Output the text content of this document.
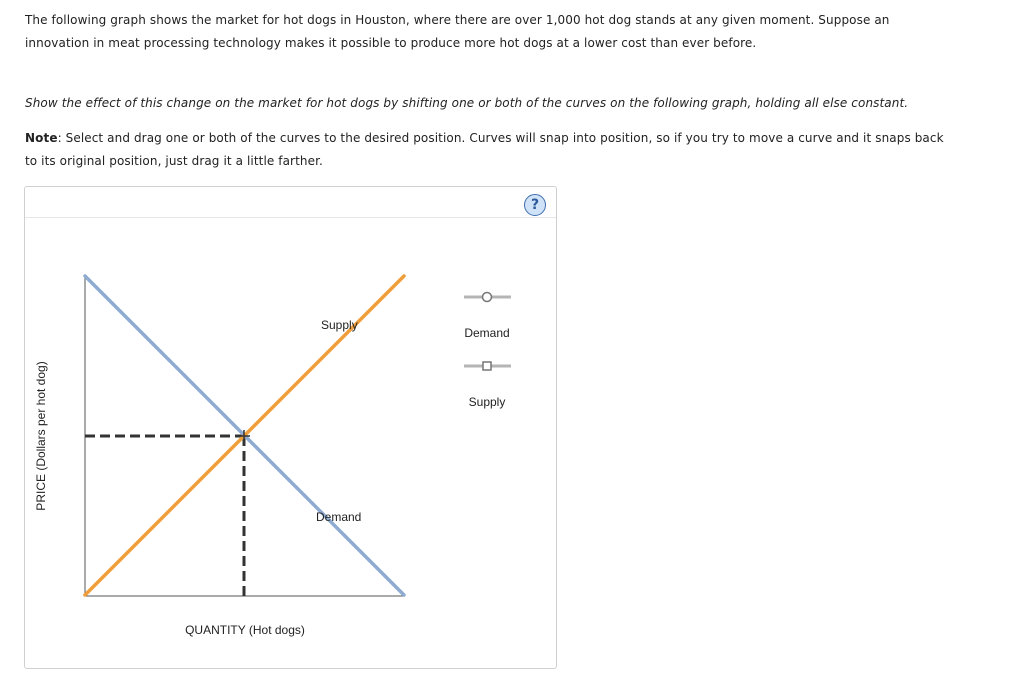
The following graph shows the market for hot dogs in Houston, where there are over 1,000 hot dog stands at any given moment. Suppose an innovation in meat processing technology makes it possible to produce more hot dogs at a lower cost than ever before.

Show the effect of this change on the market for hot dogs by shifting one or both of the curves on the following graph, holding all else constant.

Note: Select and drag one or both of the curves to the desired position. Curves will snap into position, so if you try to move a curve and it snaps back to its original position, just drag it a little farther.

?
Supply
Demand
QUANTITY (Hot dogs)
PRICE (Dollars per hot dog)
Demand
Supply
